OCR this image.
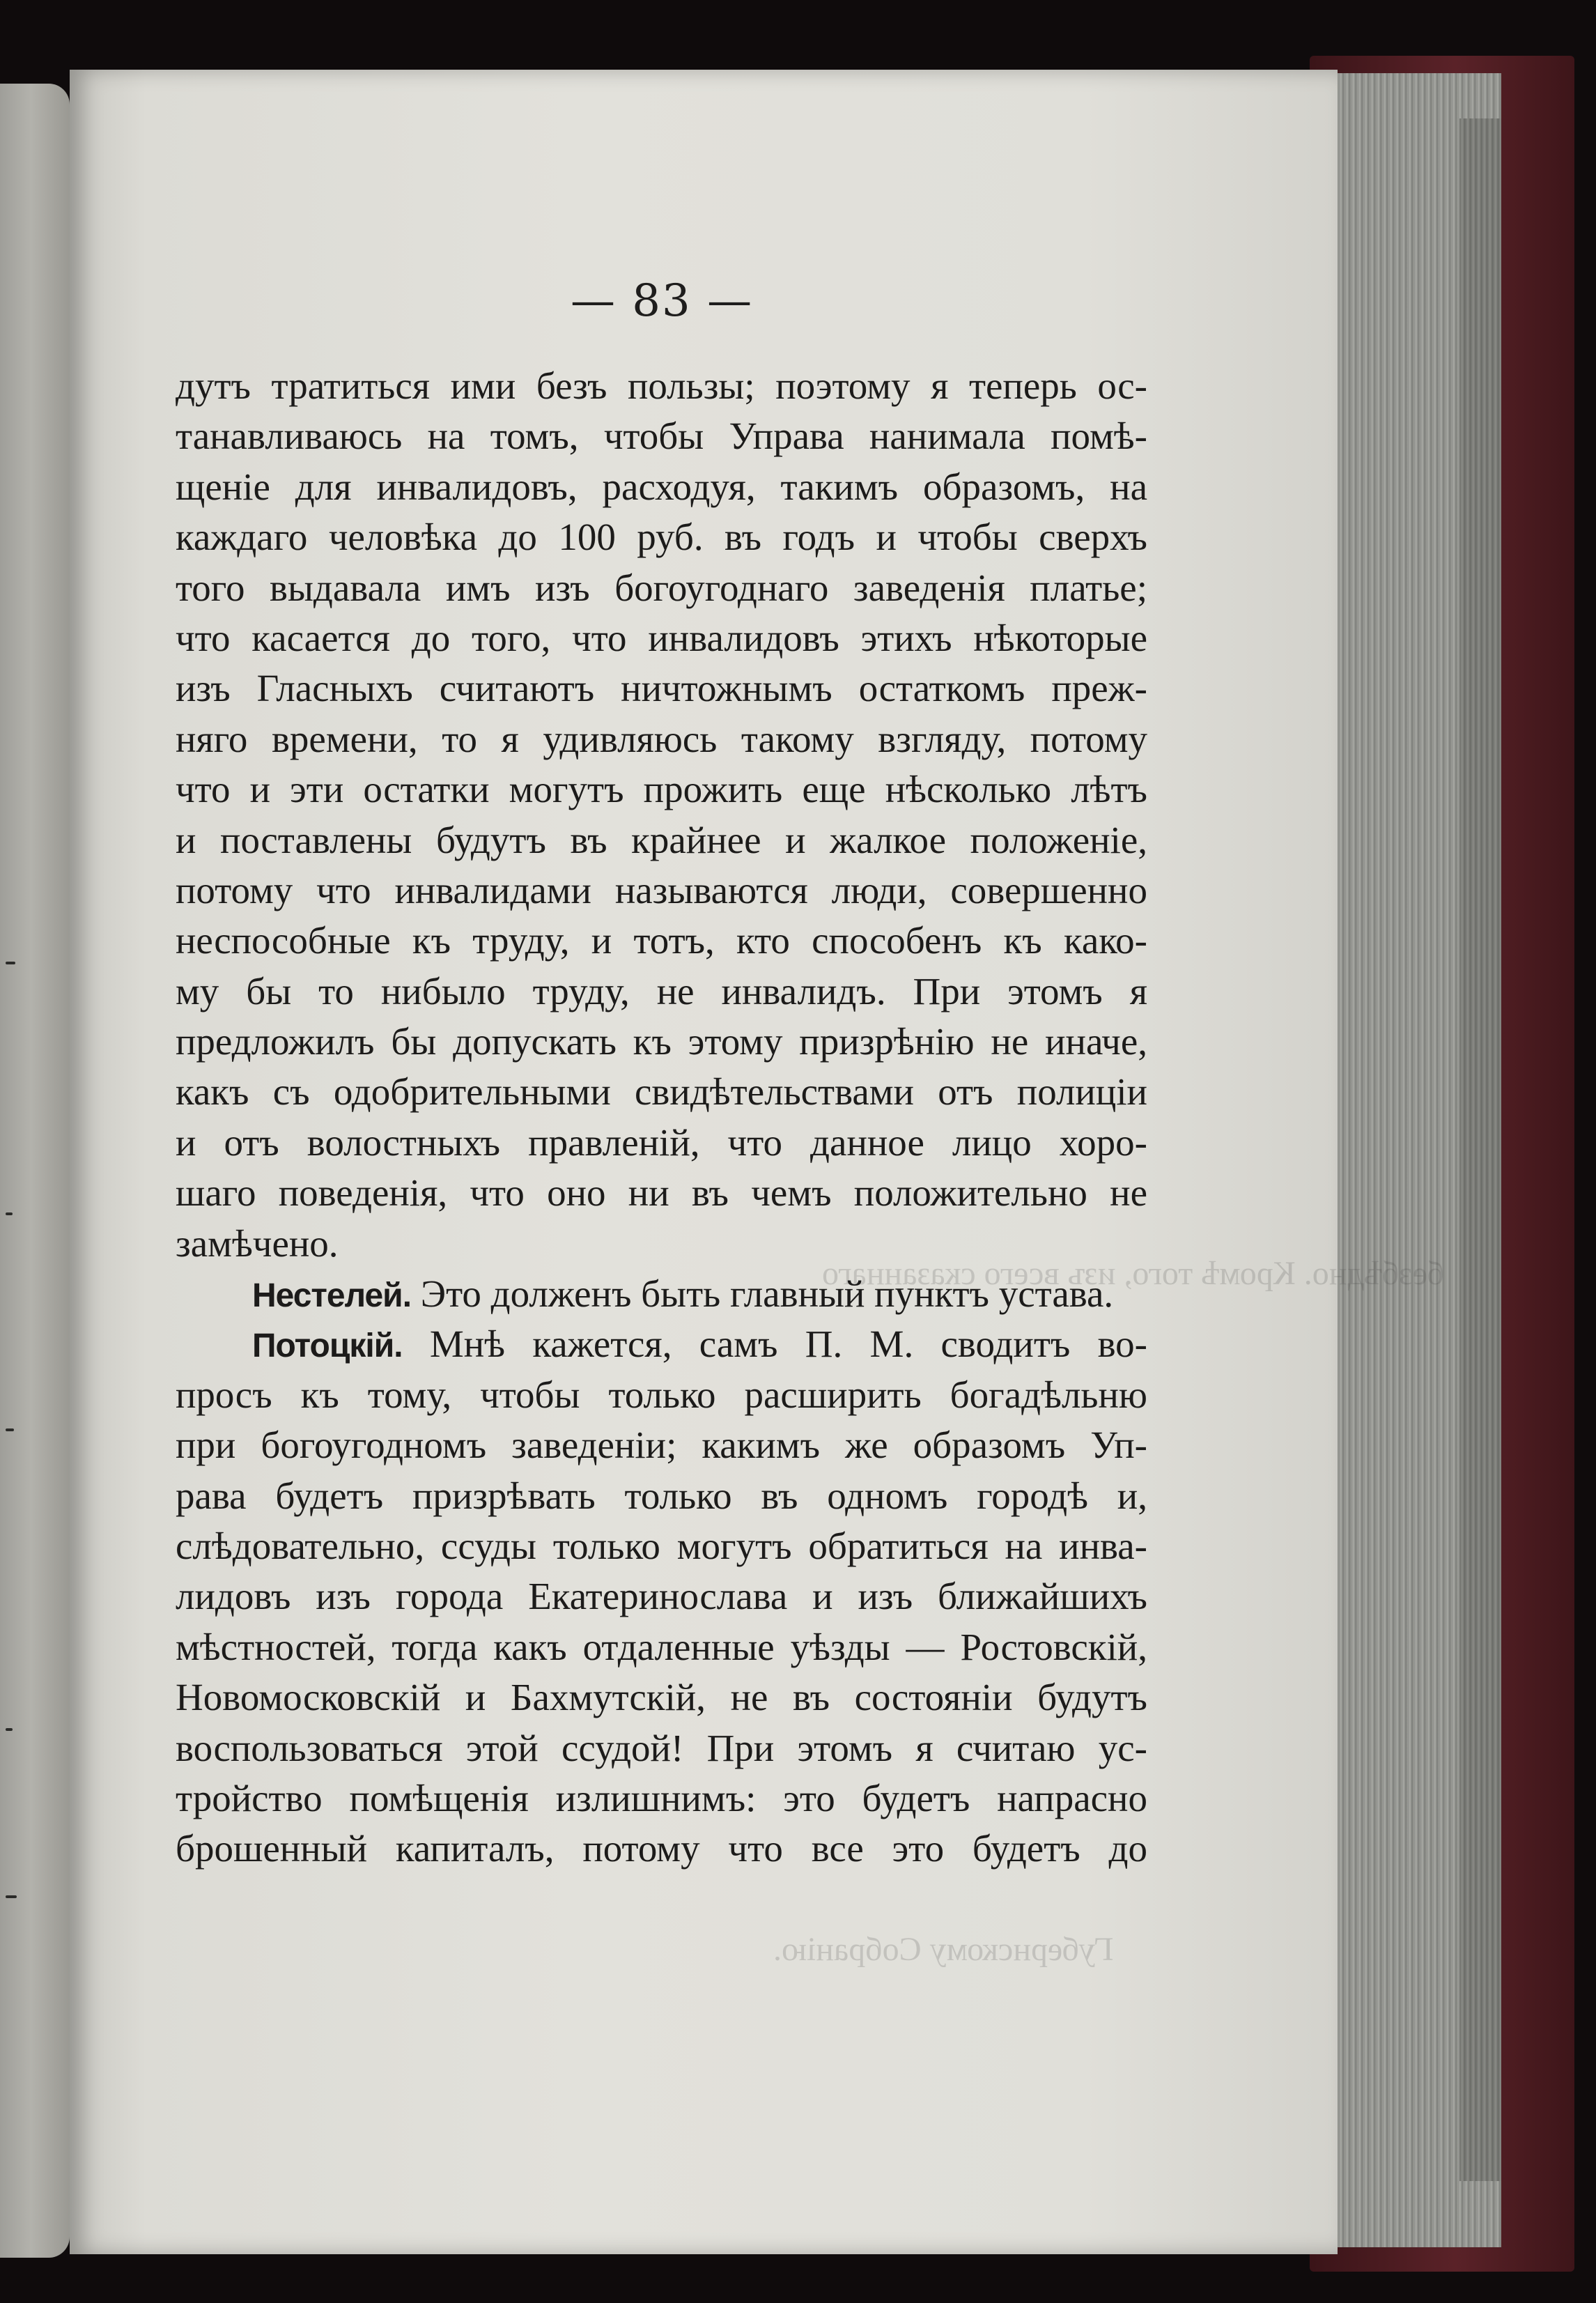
безбѣдно. Кромѣ того, изъ всего сказаннаго
Губернскому Собранію.
— 83 —
дутъ тратиться ими безъ пользы; поэтому я теперь ос-
танавливаюсь на томъ, чтобы Управа нанимала помѣ-
щеніе для инвалидовъ, расходуя, такимъ образомъ, на
каждаго человѣка до 100 руб. въ годъ и чтобы сверхъ
того выдавала имъ изъ богоугоднаго заведенія платье;
что касается до того, что инвалидовъ этихъ нѣкоторые
изъ Гласныхъ считаютъ ничтожнымъ остаткомъ преж-
няго времени, то я удивляюсь такому взгляду, потому
что и эти остатки могутъ прожить еще нѣсколько лѣтъ
и поставлены будутъ въ крайнее и жалкое положеніе,
потому что инвалидами называются люди, совершенно
неспособные къ труду, и тотъ, кто способенъ къ како-
му бы то нибыло труду, не инвалидъ. При этомъ я
предложилъ бы допускать къ этому призрѣнію не иначе,
какъ съ одобрительными свидѣтельствами отъ полиціи
и отъ волостныхъ правленій, что данное лицо хоро-
шаго поведенія, что оно ни въ чемъ положительно не
замѣчено.
Нестелей. Это долженъ быть главный пунктъ устава.
Потоцкій. Мнѣ кажется, самъ П. М. сводитъ во-
просъ къ тому, чтобы только расширить богадѣльню
при богоугодномъ заведеніи; какимъ же образомъ Уп-
рава будетъ призрѣвать только въ одномъ городѣ и,
слѣдовательно, ссуды только могутъ обратиться на инва-
лидовъ изъ города Екатеринослава и изъ ближайшихъ
мѣстностей, тогда какъ отдаленные уѣзды — Ростовскій,
Новомосковскій и Бахмутскій, не въ состояніи будутъ
воспользоваться этой ссудой! При этомъ я считаю ус-
тройство помѣщенія излишнимъ: это будетъ напрасно
брошенный капиталъ, потому что все это будетъ до
